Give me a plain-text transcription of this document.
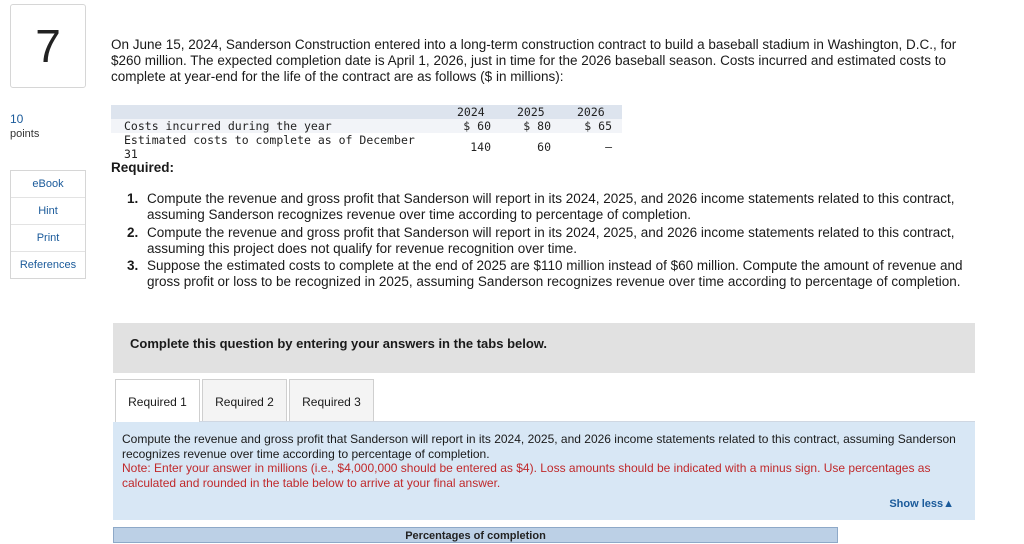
7
10
points
eBook
Hint
Print
References
On June 15, 2024, Sanderson Construction entered into a long-term construction contract to build a baseball stadium in Washington, D.C., for $260 million. The expected completion date is April 1, 2026, just in time for the 2026 baseball season. Costs incurred and estimated costs to complete at year-end for the life of the contract are as follows ($ in millions):
2024	2025	2026
Costs incurred during the year	$ 60	$ 80	$ 65
Estimated costs to complete as of December
31	140	60	–
Required:
1. Compute the revenue and gross profit that Sanderson will report in its 2024, 2025, and 2026 income statements related to this contract, assuming Sanderson recognizes revenue over time according to percentage of completion.
2. Compute the revenue and gross profit that Sanderson will report in its 2024, 2025, and 2026 income statements related to this contract, assuming this project does not qualify for revenue recognition over time.
3. Suppose the estimated costs to complete at the end of 2025 are $110 million instead of $60 million. Compute the amount of revenue and gross profit or loss to be recognized in 2025, assuming Sanderson recognizes revenue over time according to percentage of completion.
Complete this question by entering your answers in the tabs below.
Required 1	Required 2	Required 3
Compute the revenue and gross profit that Sanderson will report in its 2024, 2025, and 2026 income statements related to this contract, assuming Sanderson recognizes revenue over time according to percentage of completion.
Note: Enter your answer in millions (i.e., $4,000,000 should be entered as $4). Loss amounts should be indicated with a minus sign. Use percentages as calculated and rounded in the table below to arrive at your final answer.
Show less▲
Percentages of completion
